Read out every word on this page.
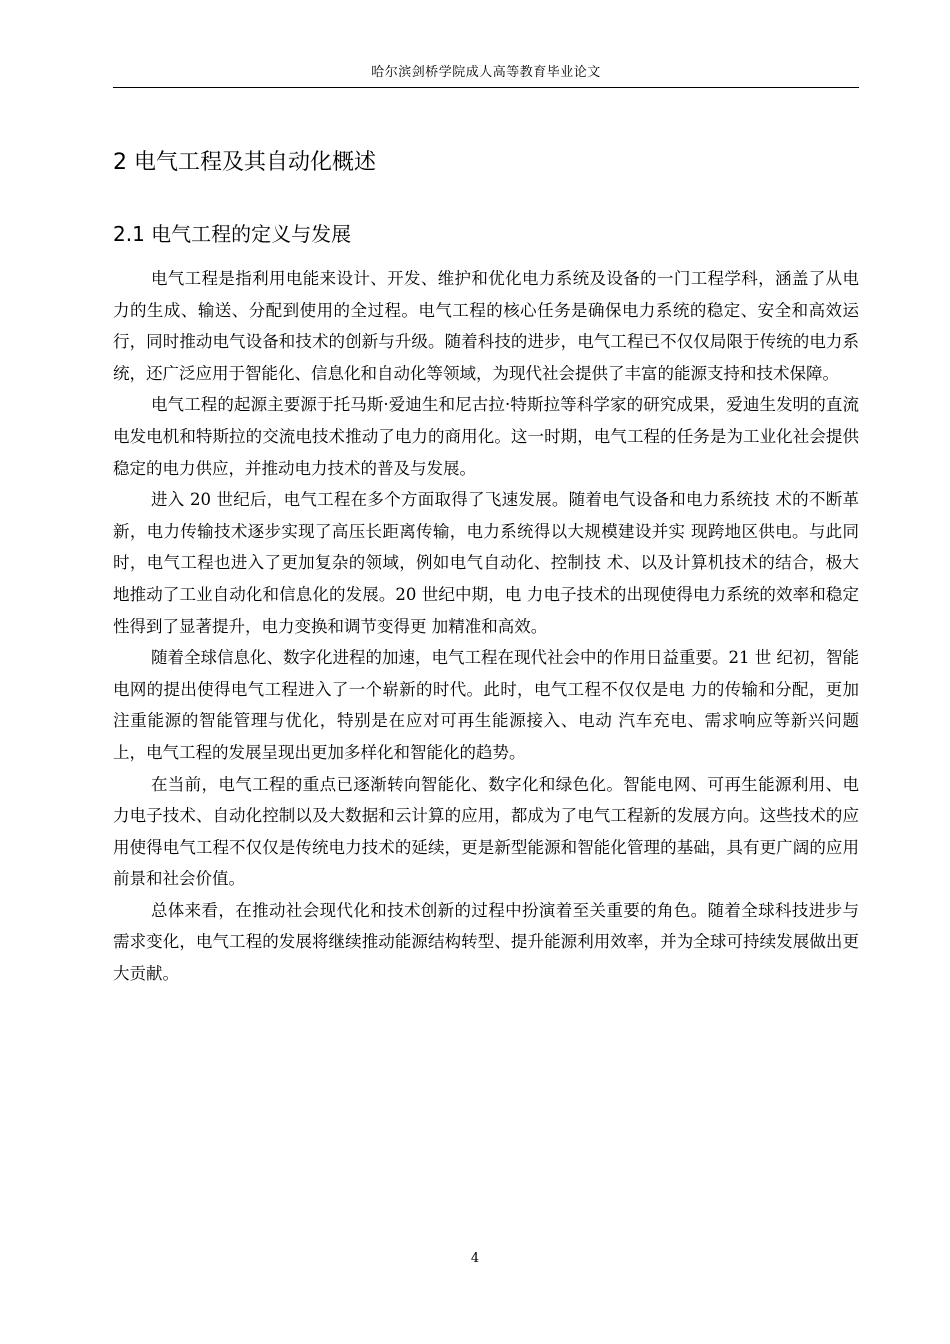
哈尔滨剑桥学院成人高等教育毕业论文
2 电气工程及其自动化概述
2.1 电气工程的定义与发展

电气工程是指利用电能来设计、开发、维护和优化电力系统及设备的一门工程学科，涵盖了从电力的生成、输送、分配到使用的全过程。电气工程的核心任务是确保电力系统的稳定、安全和高效运行，同时推动电气设备和技术的创新与升级。随着科技的进步，电气工程已不仅仅局限于传统的电力系统，还广泛应用于智能化、信息化和自动化等领域，为现代社会提供了丰富的能源支持和技术保障。

电气工程的起源主要源于托马斯·爱迪生和尼古拉·特斯拉等科学家的研究成果，爱迪生发明的直流电发电机和特斯拉的交流电技术推动了电力的商用化。这一时期，电气工程的任务是为工业化社会提供稳定的电力供应，并推动电力技术的普及与发展。

进入 20 世纪后，电气工程在多个方面取得了飞速发展。随着电气设备和电力系统技 术的不断革新，电力传输技术逐步实现了高压长距离传输，电力系统得以大规模建设并实 现跨地区供电。与此同时，电气工程也进入了更加复杂的领域，例如电气自动化、控制技 术、以及计算机技术的结合，极大地推动了工业自动化和信息化的发展。20 世纪中期，电 力电子技术的出现使得电力系统的效率和稳定性得到了显著提升，电力变换和调节变得更 加精准和高效。

随着全球信息化、数字化进程的加速，电气工程在现代社会中的作用日益重要。21 世 纪初，智能电网的提出使得电气工程进入了一个崭新的时代。此时，电气工程不仅仅是电 力的传输和分配，更加注重能源的智能管理与优化，特别是在应对可再生能源接入、电动 汽车充电、需求响应等新兴问题上，电气工程的发展呈现出更加多样化和智能化的趋势。

在当前，电气工程的重点已逐渐转向智能化、数字化和绿色化。智能电网、可再生能源利用、电力电子技术、自动化控制以及大数据和云计算的应用，都成为了电气工程新的发展方向。这些技术的应用使得电气工程不仅仅是传统电力技术的延续，更是新型能源和智能化管理的基础，具有更广阔的应用前景和社会价值。

总体来看，在推动社会现代化和技术创新的过程中扮演着至关重要的角色。随着全球科技进步与需求变化，电气工程的发展将继续推动能源结构转型、提升能源利用效率，并为全球可持续发展做出更大贡献。

4
